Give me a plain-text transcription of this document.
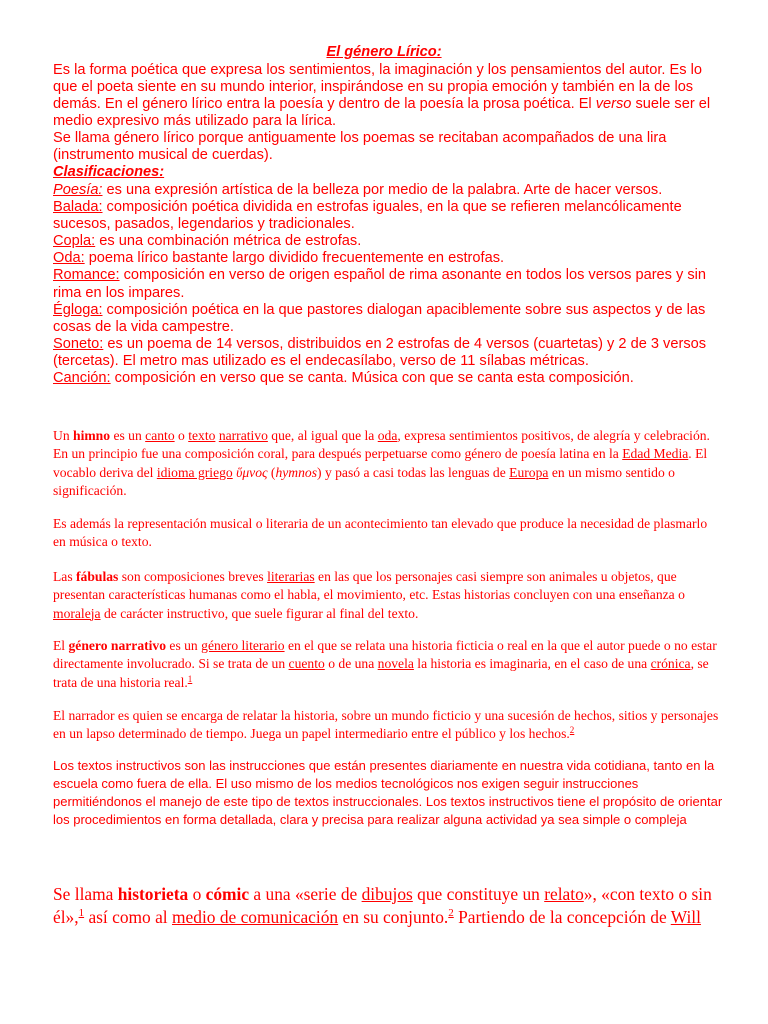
El género Lírico:

Es la forma poética que expresa los sentimientos, la imaginación y los pensamientos del autor. Es lo que el poeta siente en su mundo interior, inspirándose en su propia emoción y también en la de los demás. En el género lírico entra la poesía y dentro de la poesía la prosa poética. El verso suele ser el medio expresivo más utilizado para la lírica.

Se llama género lírico porque antiguamente los poemas se recitaban acompañados de una lira (instrumento musical de cuerdas).

Clasificaciones:

Poesía: es una expresión artística de la belleza por medio de la palabra. Arte de hacer versos.

Balada: composición poética dividida en estrofas iguales, en la que se refieren melancólicamente sucesos, pasados, legendarios y tradicionales.

Copla: es una combinación métrica de estrofas.

Oda: poema lírico bastante largo dividido frecuentemente en estrofas.

Romance: composición en verso de origen español de rima asonante en todos los versos pares y sin rima en los impares.

Égloga: composición poética en la que pastores dialogan apaciblemente sobre sus aspectos y de las cosas de la vida campestre.

Soneto: es un poema de 14 versos, distribuidos en 2 estrofas de 4 versos (cuartetas) y 2 de 3 versos (tercetas). El metro mas utilizado es el endecasílabo, verso de 11 sílabas métricas.

Canción: composición en verso que se canta. Música con que se canta esta composición.

Un himno es un canto o texto narrativo que, al igual que la oda, expresa sentimientos positivos, de alegría y celebración. En un principio fue una composición coral, para después perpetuarse como género de poesía latina en la Edad Media. El vocablo deriva del idioma griego ὕμνος (hymnos) y pasó a casi todas las lenguas de Europa en un mismo sentido o significación.

Es además la representación musical o literaria de un acontecimiento tan elevado que produce la necesidad de plasmarlo en música o texto.

Las fábulas son composiciones breves literarias en las que los personajes casi siempre son animales u objetos, que presentan características humanas como el habla, el movimiento, etc. Estas historias concluyen con una enseñanza o moraleja de carácter instructivo, que suele figurar al final del texto.

El género narrativo es un género literario en el que se relata una historia ficticia o real en la que el autor puede o no estar directamente involucrado. Si se trata de un cuento o de una novela la historia es imaginaria, en el caso de una crónica, se trata de una historia real.$^1$

El narrador es quien se encarga de relatar la historia, sobre un mundo ficticio y una sucesión de hechos, sitios y personajes en un lapso determinado de tiempo. Juega un papel intermediario entre el público y los hechos.$^2$

Los textos instructivos son las instrucciones que están presentes diariamente en nuestra vida cotidiana, tanto en la escuela como fuera de ella. El uso mismo de los medios tecnológicos nos exigen seguir instrucciones permitiéndonos el manejo de este tipo de textos instruccionales. Los textos instructivos tiene el propósito de orientar los procedimientos en forma detallada, clara y precisa para realizar alguna actividad ya sea simple o compleja
Se llama historieta o cómic a una «serie de dibujos que constituye un relato», «con texto o sin él»,$^1$ así como al medio de comunicación en su conjunto.$^2$ Partiendo de la concepción de Will
